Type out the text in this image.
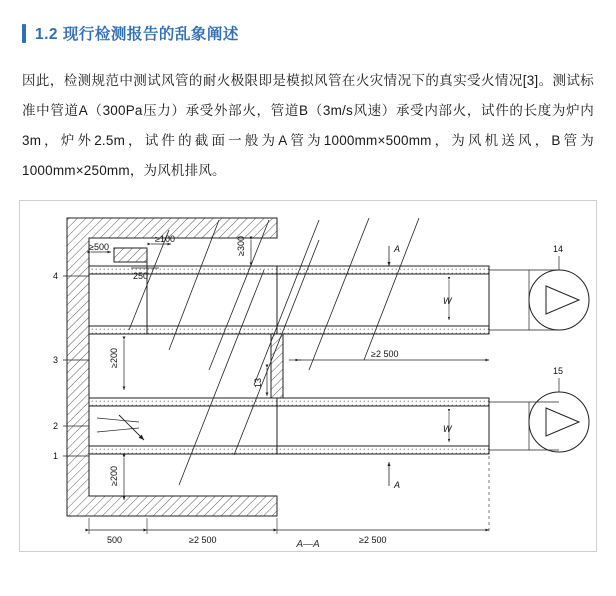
1.2 现行检测报告的乱象阐述
因此，检测规范中测试风管的耐火极限即是模拟风管在火灾情况下的真实受火情况[3]。测试标准中管道A（300Pa压力）承受外部火，管道B（3m/s风速）承受内部火，试件的长度为炉内3m，炉外2.5m，试件的截面一般为A管为1000mm×500mm，为风机送风，B管为1000mm×250mm，为风机排风。
≥500
≥100
250
≥300
≥200
≥200
≥2 500
13
500	≥2 500	≥2 500
A
A
W
W
14
15
4
3
2
1
A—A
